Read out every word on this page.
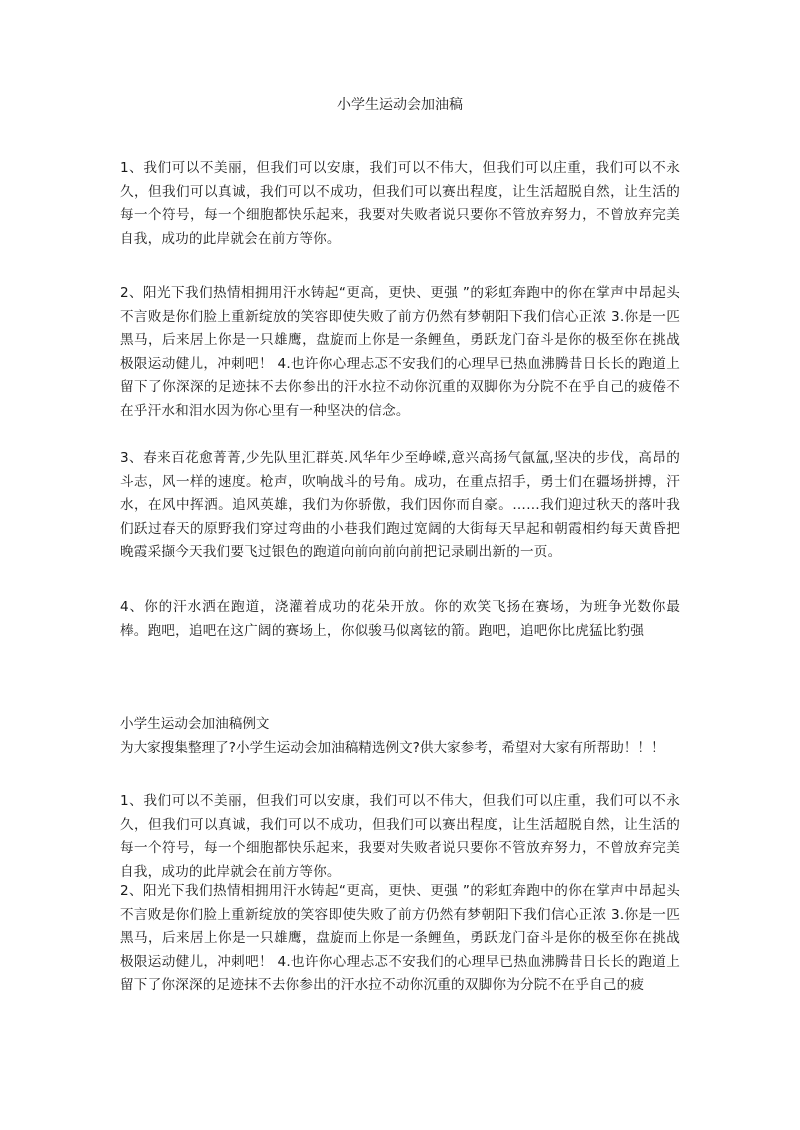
小学生运动会加油稿

1、我们可以不美丽，但我们可以安康，我们可以不伟大，但我们可以庄重，我们可以不永久，但我们可以真诚，我们可以不成功，但我们可以赛出程度，让生活超脱自然，让生活的每一个符号，每一个细胞都快乐起来，我要对失败者说只要你不管放弃努力，不曾放弃完美自我，成功的此岸就会在前方等你。

2、阳光下我们热情相拥用汗水铸起“更高，更快、更强 ”的彩虹奔跑中的你在掌声中昂起头不言败是你们脸上重新绽放的笑容即使失败了前方仍然有梦朝阳下我们信心正浓 3.你是一匹黑马，后来居上你是一只雄鹰，盘旋而上你是一条鲤鱼，勇跃龙门奋斗是你的极至你在挑战极限运动健儿，冲刺吧！ 4.也许你心理忐忑不安我们的心理早已热血沸腾昔日长长的跑道上留下了你深深的足迹抹不去你参出的汗水拉不动你沉重的双脚你为分院不在乎自己的疲倦不在乎汗水和泪水因为你心里有一种坚决的信念。

3、春来百花愈菁菁,少先队里汇群英.风华年少至峥嵘,意兴高扬气氤氲,坚决的步伐，高昂的斗志，风一样的速度。枪声，吹响战斗的号角。成功，在重点招手，勇士们在疆场拼搏，汗水，在风中挥洒。追风英雄，我们为你骄傲，我们因你而自豪。……我们迎过秋天的落叶我们跃过春天的原野我们穿过弯曲的小巷我们跑过宽阔的大街每天早起和朝霞相约每天黄昏把晚霞采撷今天我们要飞过银色的跑道向前向前向前把记录刷出新的一页。

4、你的汗水洒在跑道，浇灌着成功的花朵开放。你的欢笑飞扬在赛场，为班争光数你最棒。跑吧，追吧在这广阔的赛场上，你似骏马似离铉的箭。跑吧，追吧你比虎猛比豹强

小学生运动会加油稿例文
为大家搜集整理了?小学生运动会加油稿精选例文?供大家参考，希望对大家有所帮助！！！

1、我们可以不美丽，但我们可以安康，我们可以不伟大，但我们可以庄重，我们可以不永久，但我们可以真诚，我们可以不成功，但我们可以赛出程度，让生活超脱自然，让生活的每一个符号，每一个细胞都快乐起来，我要对失败者说只要你不管放弃努力，不曾放弃完美自我，成功的此岸就会在前方等你。

2、阳光下我们热情相拥用汗水铸起“更高，更快、更强 ”的彩虹奔跑中的你在掌声中昂起头不言败是你们脸上重新绽放的笑容即使失败了前方仍然有梦朝阳下我们信心正浓 3.你是一匹黑马，后来居上你是一只雄鹰，盘旋而上你是一条鲤鱼，勇跃龙门奋斗是你的极至你在挑战极限运动健儿，冲刺吧！ 4.也许你心理忐忑不安我们的心理早已热血沸腾昔日长长的跑道上留下了你深深的足迹抹不去你参出的汗水拉不动你沉重的双脚你为分院不在乎自己的疲
